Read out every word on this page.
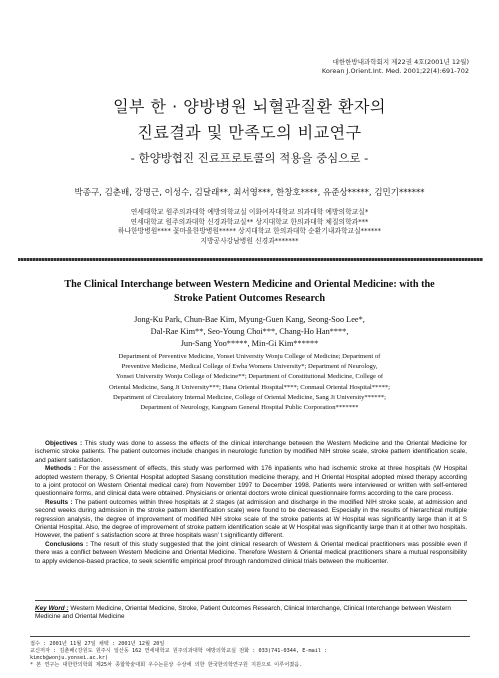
대한한방내과학회지 제22권 4호(2001년 12월)
Korean J.Orient.Int. Med. 2001;22(4):691-702
일부 한 · 양방병원 뇌혈관질환 환자의
진료결과 및 만족도의 비교연구
- 한양방협진 진료프로토콜의 적용을 중심으로 -
박종구, 김춘배, 강명근, 이성수, 김달래**, 최서영***, 한창호****, 유준상*****, 김민기******
연세대학교 원주의과대학 예방의학교실 이화여자대학교 의과대학 예방의학교실*
연세대학교 원주의과대학 신경과학교실** 상지대학교 한의과대학 체질의학과***
하나한방병원**** 꽃마을한방병원***** 상지대학교 한의과대학 순환기내과학교실******
지방공사강남병원 신경과*******
The Clinical Interchange between Western Medicine and Oriental Medicine: with the
Stroke Patient Outcomes Research
Jong-Ku Park, Chun-Bae Kim, Myung-Guen Kang, Seong-Soo Lee*,
Dal-Rae Kim**, Seo-Young Choi***, Chang-Ho Han****,
Jun-Sang Yoo*****, Min-Gi Kim******
Department of Preventive Medicine, Yonsei University Wonju College of Medicine; Department of
Preventive Medicine, Medical College of Ewha Womens University*; Department of Neurology,
Yonsei University Wonju College of Medicine**; Department of Constitutional Medicine, College of
Oriental Medicine, Sang Ji University***; Hana Oriental Hospital****; Conmaul Oriental Hospital*****;
Department of Circulatory Internal Medicine, College of Oriental Medicine, Sang Ji University******;
Department of Neurology, Kangnam General Hospital Public Corporation*******

Objectives : This study was done to assess the effects of the clinical interchange between the Western Medicine and the Oriental Medicine for ischemic stroke patients. The patient outcomes include changes in neurologic function by modified NIH stroke scale, stroke pattern identification scale, and patient satisfaction.

Methods : For the assessment of effects, this study was performed with 176 inpatients who had ischemic stroke at three hospitals (W Hospital adopted western therapy, S Oriental Hospital adopted Sasang constitution medicine therapy, and H Oriental Hospital adopted mixed therapy according to a joint protocol on Western Oriental medical care) from November 1997 to December 1998. Patients were interviewed or written with self-entered questionnaire forms, and clinical data were obtained. Physicians or oriental doctors wrote clinical questionnaire forms according to the care process.

Results : The patient outcomes within three hospitals at 2 stages (at admission and discharge in the modified NIH stroke scale, at admission and second weeks during admission in the stroke pattern identification scale) were found to be decreased. Especially in the results of hierarchical multiple regression analysis, the degree of improvement of modified NIH stroke scale of the stroke patients at W Hospital was significantly large than it at S Oriental Hospital. Also, the degree of improvement of stroke pattern identification scale at W Hospital was significantly large than it at other two hospitals. However, the patient' s satisfaction score at three hospitals wasn' t significantly different.

Conclusions : The result of this study suggested that the joint clinical research of Western & Oriental medical practitioners was possible even if there was a conflict between Western Medicine and Oriental Medicine. Therefore Western & Oriental medical practitioners share a mutual responsibility to apply evidence-based practice, to seek scientific empirical proof through randomized clinical trials between the multicenter.

Key Word : Western Medicine, Oriental Medicine, Stroke, Patient Outcomes Research, Clinical Interchange, Clinical Interchange between Western Medicine and Oriental Medicine
접수 : 2001년 11월 27일 채택 : 2001년 12월 20일
교신저자 : 김춘배(강원도 원주시 일산동 162 연세대학교 원주의과대학 예방의학교실 전화 : 033)741-0344, E-mail :
kimcb@wonju.yonsei.ac.kr)
* 본 연구는 대한한의학회 제25차 종합학술대회 우수논문상 수상에 의한 한국한의학연구원 지원으로 이루어졌음.
